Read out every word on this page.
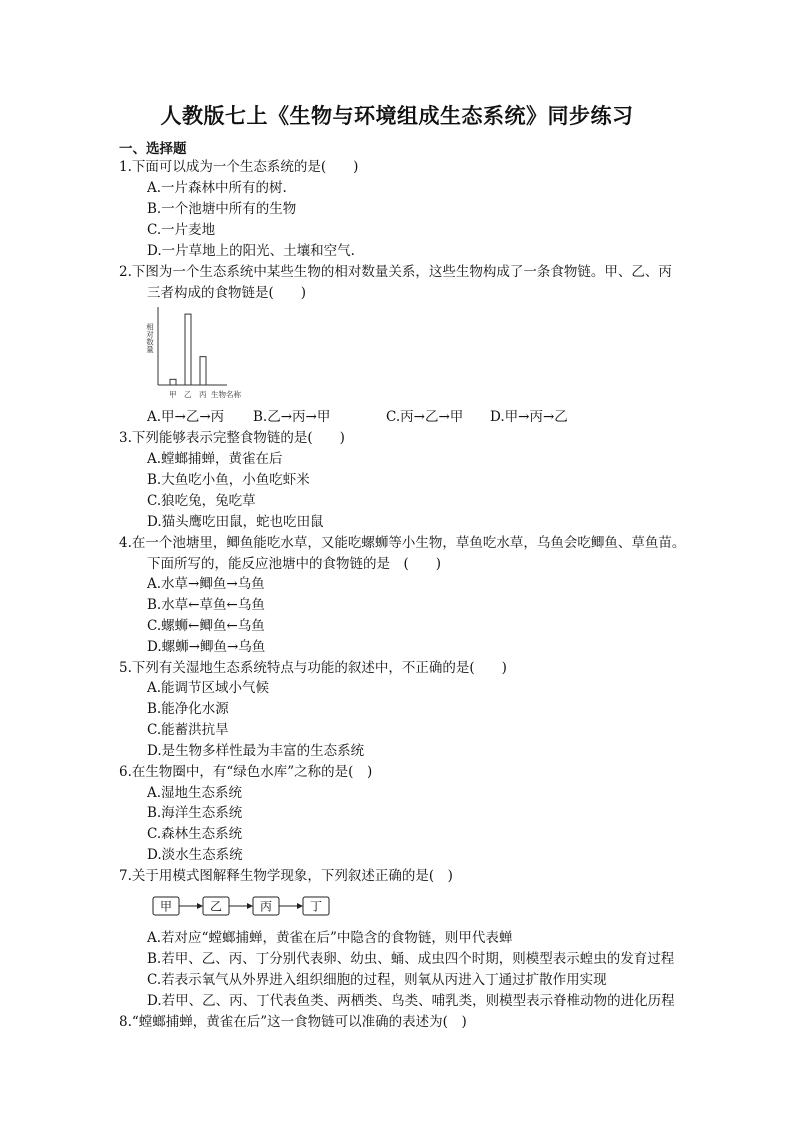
人教版七上《生物与环境组成生态系统》同步练习
一、选择题
1.下面可以成为一个生态系统的是(　　)
A.一片森林中所有的树.
B.一个池塘中所有的生物
C.一片麦地
D.一片草地上的阳光、土壤和空气.
2.下图为一个生态系统中某些生物的相对数量关系，这些生物构成了一条食物链。甲、乙、丙
三者构成的食物链是(　　)
相对数量
甲 乙 丙 生物名称
A.甲→乙→丙 B.乙→丙→甲	C.丙→乙→甲 D.甲→丙→乙
3.下列能够表示完整食物链的是(　　)
A.螳螂捕蝉，黄雀在后
B.大鱼吃小鱼，小鱼吃虾米
C.狼吃兔，兔吃草
D.猫头鹰吃田鼠，蛇也吃田鼠
4.在一个池塘里，鲫鱼能吃水草，又能吃螺蛳等小生物，草鱼吃水草，乌鱼会吃鲫鱼、草鱼苗。
下面所写的，能反应池塘中的食物链的是　(　　)
A.水草→鲫鱼→乌鱼
B.水草←草鱼←乌鱼
C.螺蛳←鲫鱼←乌鱼
D.螺蛳→鲫鱼→乌鱼
5.下列有关湿地生态系统特点与功能的叙述中，不正确的是(　　)
A.能调节区域小气候
B.能净化水源
C.能蓄洪抗旱
D.是生物多样性最为丰富的生态系统
6.在生物圈中，有“绿色水库”之称的是(　)
A.湿地生态系统
B.海洋生态系统
C.森林生态系统
D.淡水生态系统
7.关于用模式图解释生物学现象，下列叙述正确的是(　)
甲	乙	丙	丁
A.若对应“螳螂捕蝉，黄雀在后”中隐含的食物链，则甲代表蝉
B.若甲、乙、丙、丁分别代表卵、幼虫、蛹、成虫四个时期，则模型表示蝗虫的发育过程
C.若表示氧气从外界进入组织细胞的过程，则氧从丙进入丁通过扩散作用实现
D.若甲、乙、丙、丁代表鱼类、两栖类、鸟类、哺乳类，则模型表示脊椎动物的进化历程
8.“螳螂捕蝉，黄雀在后”这一食物链可以准确的表述为(　)
